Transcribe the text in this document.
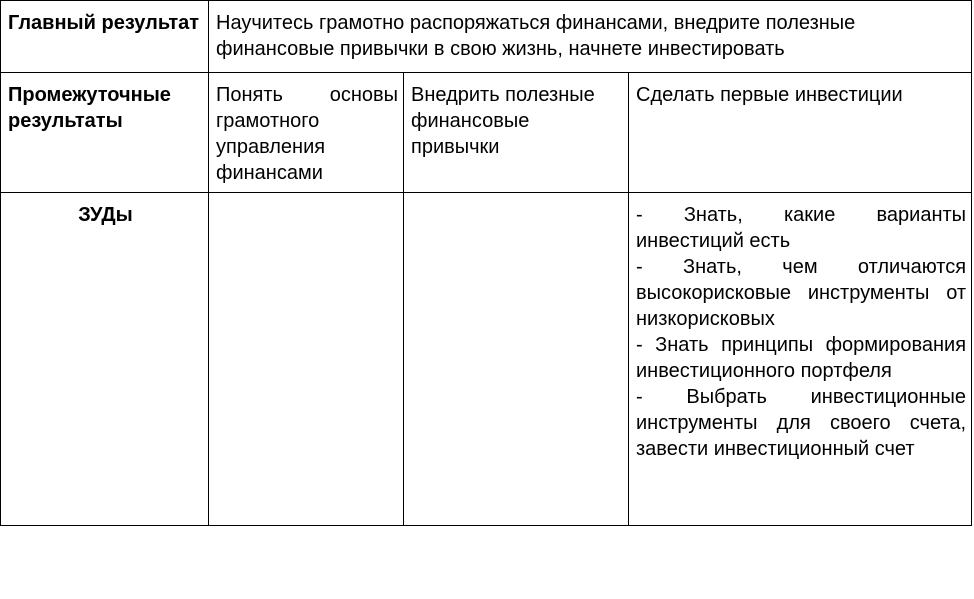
Главный результат	Научитесь грамотно распоряжаться финансами, внедрите полезные финансовые привычки в свою жизнь, начнете инвестировать		
Промежуточные результаты	Понять основы грамотного управления финансами	Внедрить полезные финансовые привычки	Сделать первые инвестиции
ЗУДы			- Знать, какие варианты инвестиций есть

- Знать, чем отличаются высокорисковые инструменты от низкорисковых

- Знать принципы формирования инвестиционного портфеля

- Выбрать инвестиционные инструменты для своего счета, завести инвестиционный счет
